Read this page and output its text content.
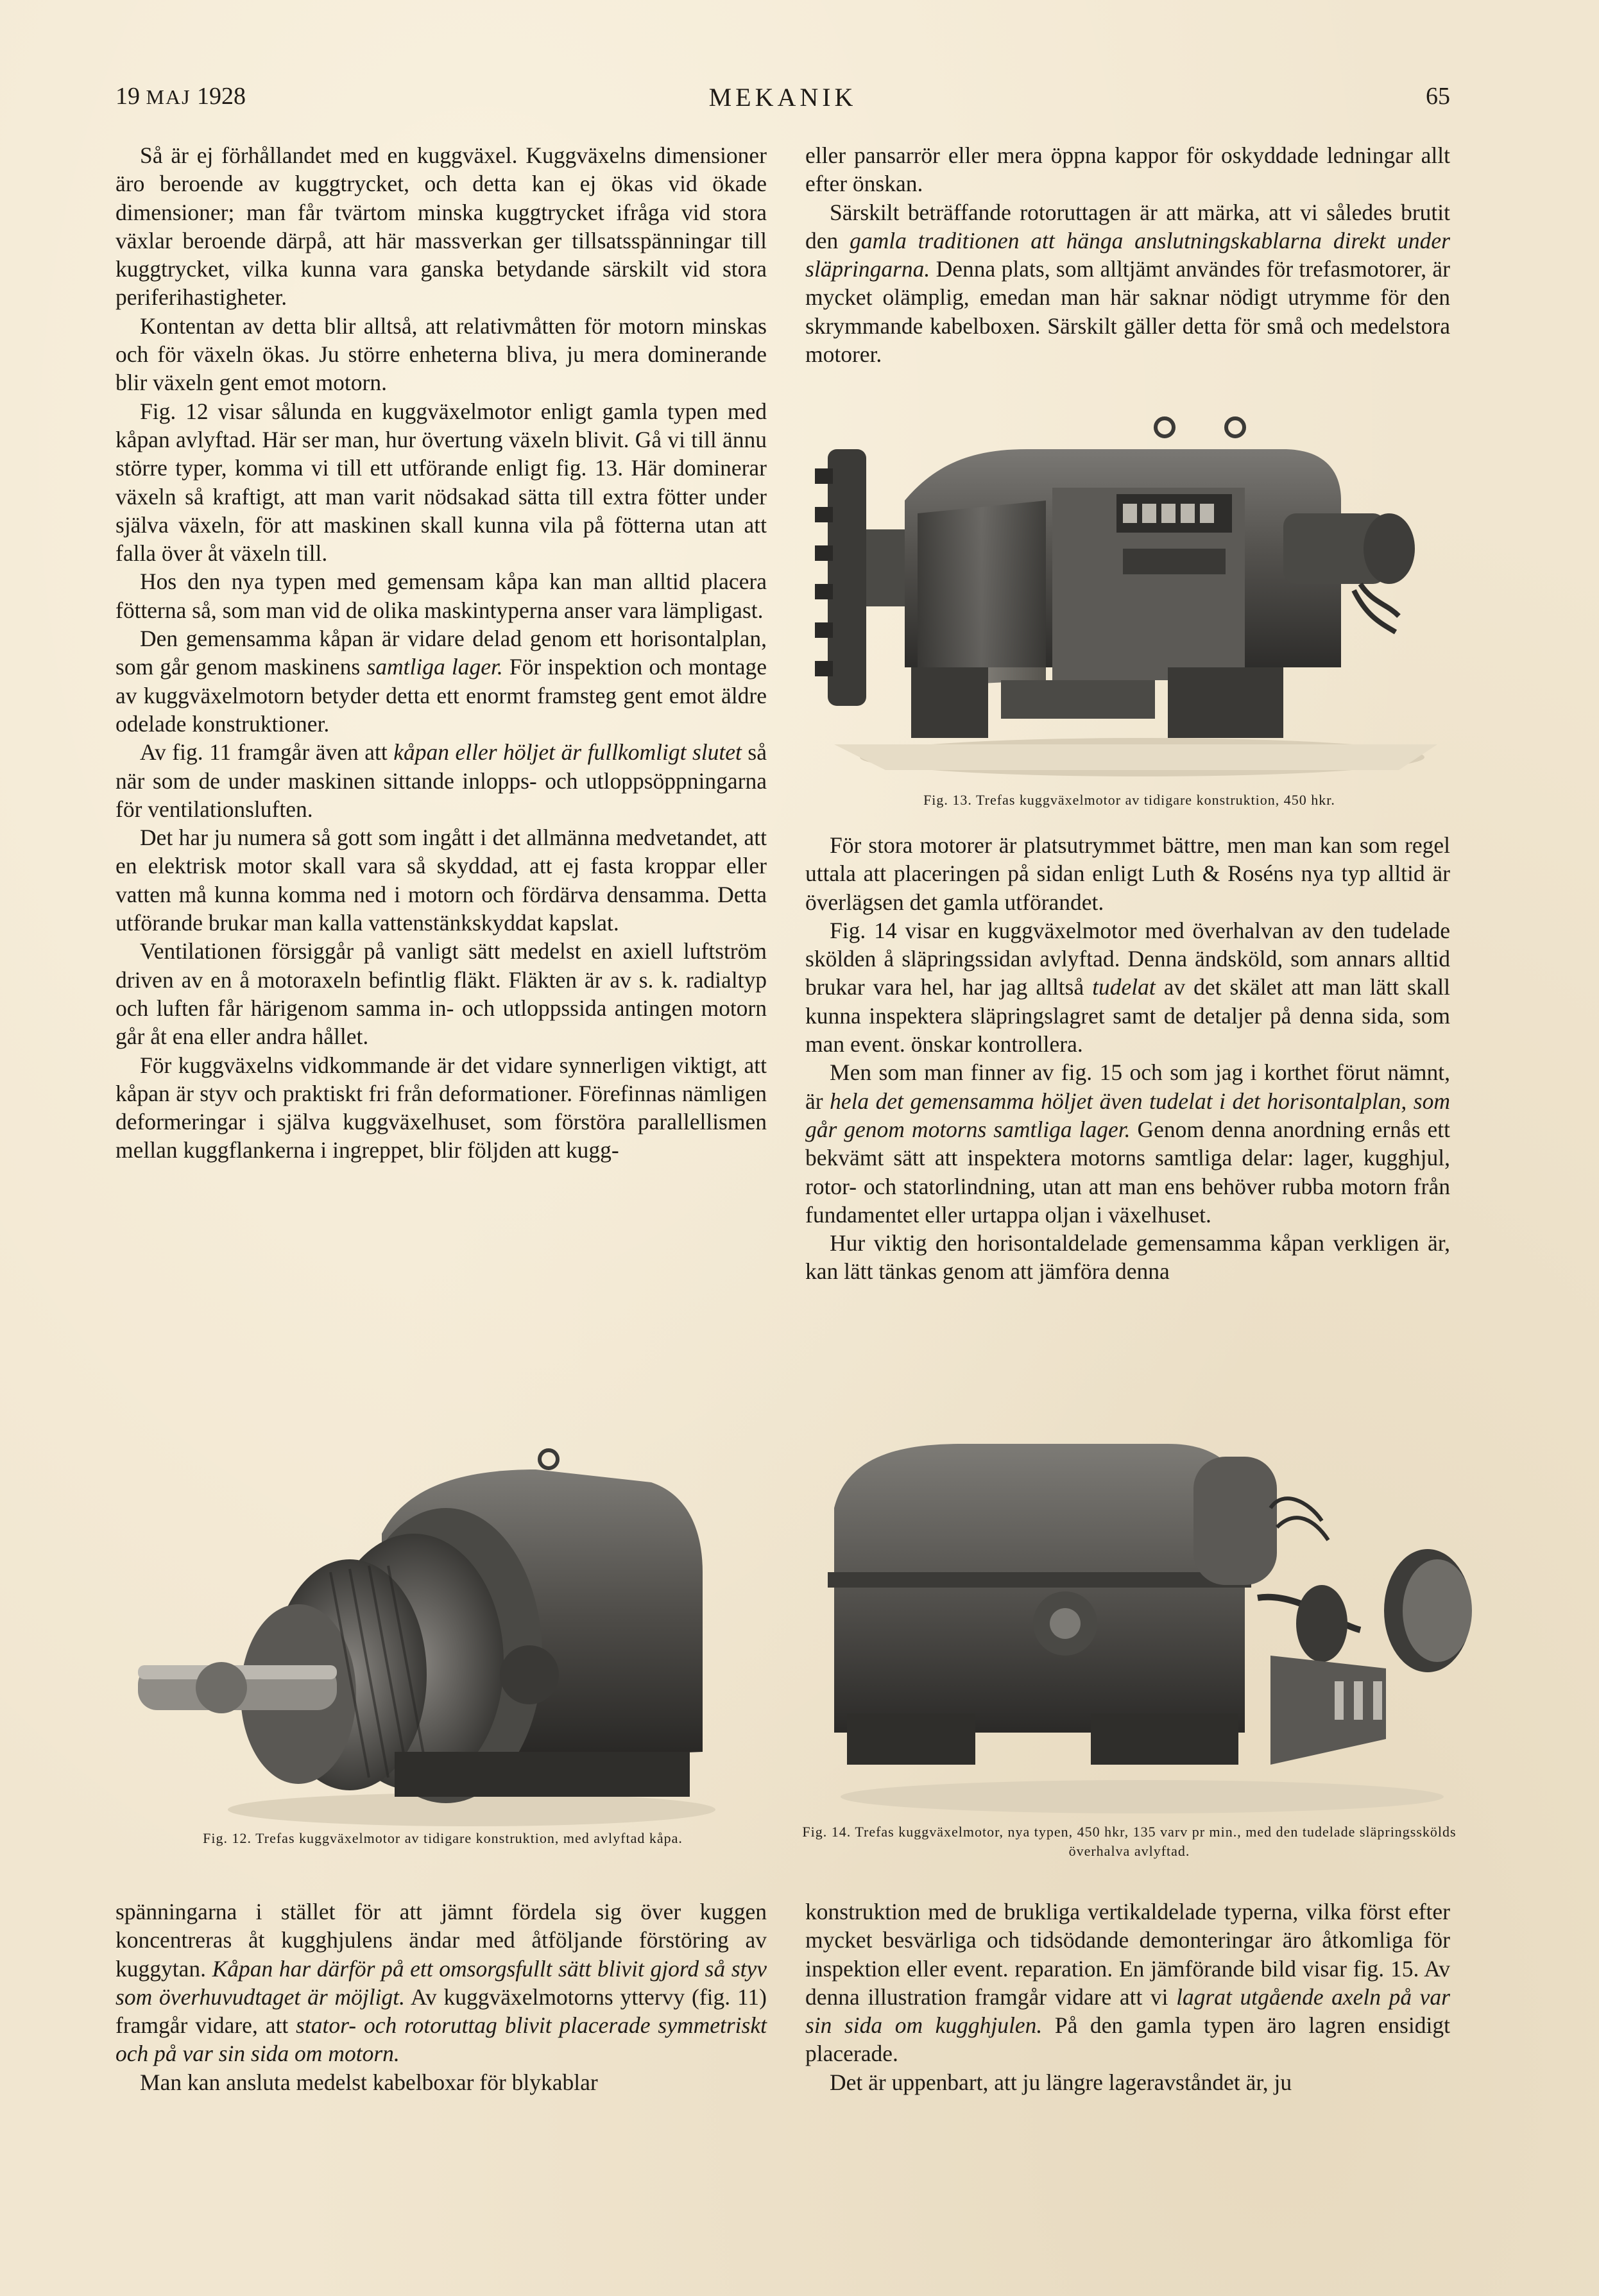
MEKANIK
19 MAJ 1928	65

Så är ej förhållandet med en kuggväxel. Kuggväxelns dimensioner äro beroende av kuggtrycket, och detta kan ej ökas vid ökade dimensioner; man får tvärtom minska kuggtrycket ifråga vid stora växlar beroende därpå, att här massverkan ger tillsatsspänningar till kuggtrycket, vilka kunna vara ganska betydande särskilt vid stora periferihastigheter.

Kontentan av detta blir alltså, att relativmåtten för motorn minskas och för växeln ökas. Ju större enheterna bliva, ju mera dominerande blir växeln gent emot motorn.

Fig. 12 visar sålunda en kuggväxelmotor enligt gamla typen med kåpan avlyftad. Här ser man, hur övertung växeln blivit. Gå vi till ännu större typer, komma vi till ett utförande enligt fig. 13. Här dominerar växeln så kraftigt, att man varit nödsakad sätta till extra fötter under själva växeln, för att maskinen skall kunna vila på fötterna utan att falla över åt växeln till.

Hos den nya typen med gemensam kåpa kan man alltid placera fötterna så, som man vid de olika maskintyperna anser vara lämpligast.

Den gemensamma kåpan är vidare delad genom ett horisontalplan, som går genom maskinens samtliga lager. För inspektion och montage av kuggväxelmotorn betyder detta ett enormt framsteg gent emot äldre odelade konstruktioner.

Av fig. 11 framgår även att kåpan eller höljet är fullkomligt slutet så när som de under maskinen sittande inlopps- och utloppsöppningarna för ventilationsluften.

Det har ju numera så gott som ingått i det allmänna medvetandet, att en elektrisk motor skall vara så skyddad, att ej fasta kroppar eller vatten må kunna komma ned i motorn och fördärva densamma. Detta utförande brukar man kalla vattenstänkskyddat kapslat.

Ventilationen försiggår på vanligt sätt medelst en axiell luftström driven av en å motoraxeln befintlig fläkt. Fläkten är av s. k. radialtyp och luften får härigenom samma in- och utloppssida antingen motorn går åt ena eller andra hållet.

För kuggväxelns vidkommande är det vidare synnerligen viktigt, att kåpan är styv och praktiskt fri från deformationer. Förefinnas nämligen deformeringar i själva kuggväxelhuset, som förstöra parallellismen mellan kuggflankerna i ingreppet, blir följden att kugg-

eller pansarrör eller mera öppna kappor för oskyddade ledningar allt efter önskan.

Särskilt beträffande rotoruttagen är att märka, att vi således brutit den gamla traditionen att hänga anslutningskablarna direkt under släpringarna. Denna plats, som alltjämt användes för trefasmotorer, är mycket olämplig, emedan man här saknar nödigt utrymme för den skrymmande kabelboxen. Särskilt gäller detta för små och medelstora motorer.

Fig. 13. Trefas kuggväxelmotor av tidigare konstruktion, 450 hkr.

För stora motorer är platsutrymmet bättre, men man kan som regel uttala att placeringen på sidan enligt Luth & Roséns nya typ alltid är överlägsen det gamla utförandet.

Fig. 14 visar en kuggväxelmotor med överhalvan av den tudelade skölden å släpringssidan avlyftad. Denna ändsköld, som annars alltid brukar vara hel, har jag alltså tudelat av det skälet att man lätt skall kunna inspektera släpringslagret samt de detaljer på denna sida, som man event. önskar kontrollera.

Men som man finner av fig. 15 och som jag i korthet förut nämnt, är hela det gemensamma höljet även tudelat i det horisontalplan, som går genom motorns samtliga lager. Genom denna anordning ernås ett bekvämt sätt att inspektera motorns samtliga delar: lager, kugghjul, rotor- och statorlindning, utan att man ens behöver rubba motorn från fundamentet eller urtappa oljan i växelhuset.

Hur viktig den horisontaldelade gemensamma kåpan verkligen är, kan lätt tänkas genom att jämföra denna

Fig. 12. Trefas kuggväxelmotor av tidigare konstruktion, med avlyftad kåpa.	Fig. 14. Trefas kuggväxelmotor, nya typen, 450 hkr, 135 varv pr min., med den tudelade släpringsskölds överhalva avlyftad.

spänningarna i stället för att jämnt fördela sig över kuggen koncentreras åt kugghjulens ändar med åtföljande förstöring av kuggytan. Kåpan har därför på ett omsorgsfullt sätt blivit gjord så styv som överhuvudtaget är möjligt. Av kuggväxelmotorns yttervy (fig. 11) framgår vidare, att stator- och rotoruttag blivit placerade symmetriskt och på var sin sida om motorn.

Man kan ansluta medelst kabelboxar för blykablar

konstruktion med de brukliga vertikaldelade typerna, vilka först efter mycket besvärliga och tidsödande demonteringar äro åtkomliga för inspektion eller event. reparation. En jämförande bild visar fig. 15. Av denna illustration framgår vidare att vi lagrat utgående axeln på var sin sida om kugghjulen. På den gamla typen äro lagren ensidigt placerade.

Det är uppenbart, att ju längre lageravståndet är, ju
